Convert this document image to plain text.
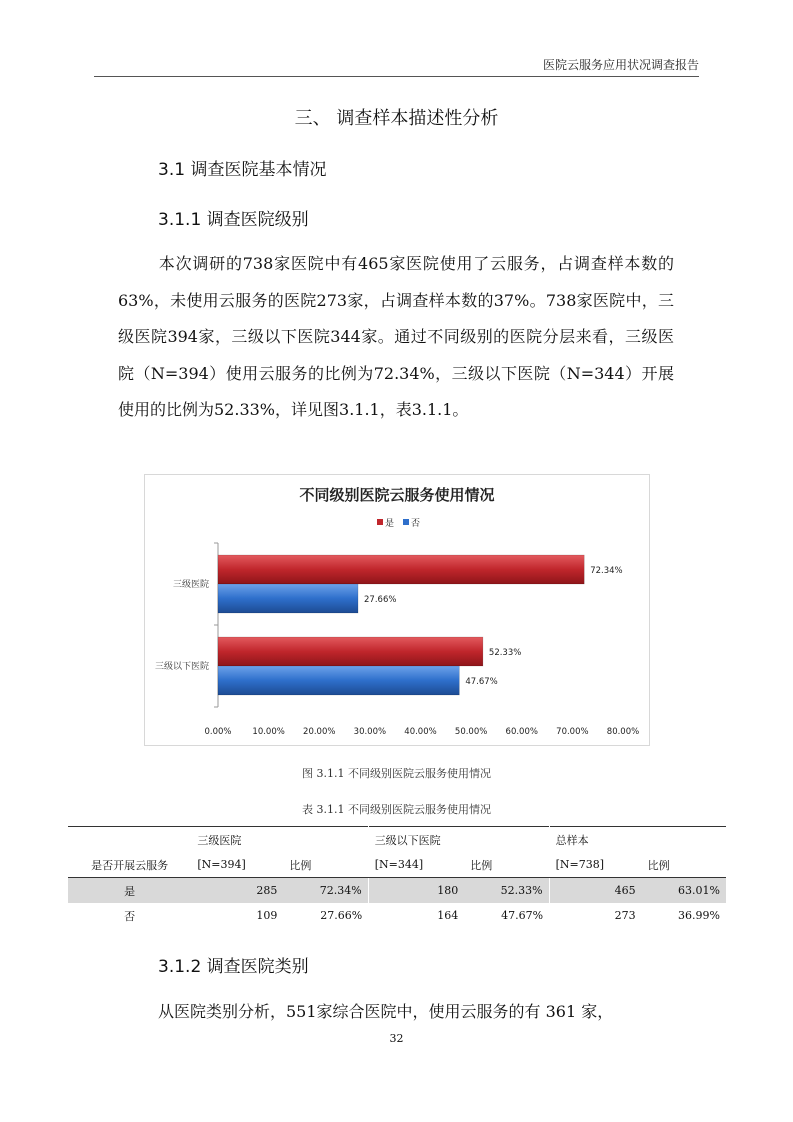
医院云服务应用状况调查报告
三、 调查样本描述性分析
3.1 调查医院基本情况
3.1.1 调查医院级别
本次调研的738家医院中有465家医院使用了云服务，占调查样本数的63%，未使用云服务的医院273家，占调查样本数的37%。738家医院中，三级医院394家，三级以下医院344家。通过不同级别的医院分层来看，三级医院（N=394）使用云服务的比例为72.34%，三级以下医院（N=344）开展使用的比例为52.33%，详见图3.1.1，表3.1.1。
不同级别医院云服务使用情况
是 否
72.34%
27.66%
三级医院
52.33%
47.67%
三级以下医院
0.00% 10.00% 20.00% 30.00% 40.00% 50.00% 60.00% 70.00% 80.00%
图 3.1.1 不同级别医院云服务使用情况
表 3.1.1 不同级别医院云服务使用情况
	三级医院		三级以下医院		总样本	
是否开展云服务	[N=394]	比例	[N=344]	比例	[N=738]	比例
是	285	72.34%	180	52.33%	465	63.01%
否	109	27.66%	164	47.67%	273	36.99%
3.1.2 调查医院类别
从医院类别分析，551家综合医院中，使用云服务的有 361 家，
32
